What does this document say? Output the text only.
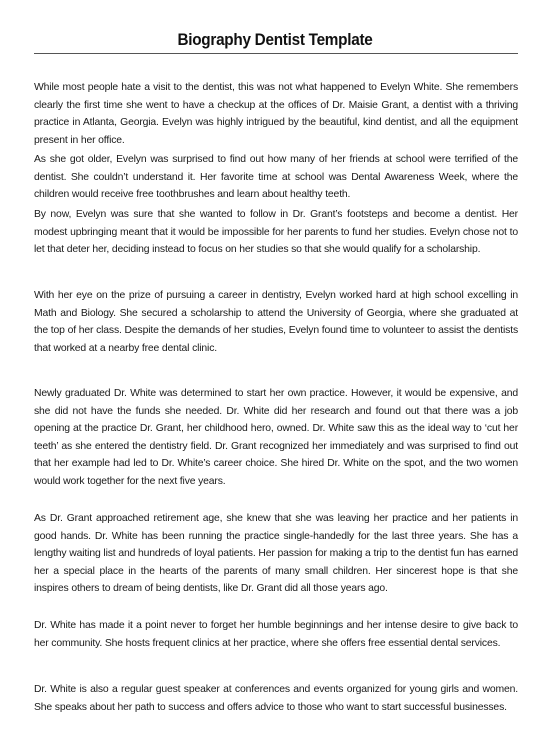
Biography Dentist Template

While most people hate a visit to the dentist, this was not what happened to Evelyn White. She remembers clearly the first time she went to have a checkup at the offices of Dr. Maisie Grant, a dentist with a thriving practice in Atlanta, Georgia. Evelyn was highly intrigued by the beautiful, kind dentist, and all the equipment present in her office.

As she got older, Evelyn was surprised to find out how many of her friends at school were terrified of the dentist. She couldn’t understand it. Her favorite time at school was Dental Awareness Week, where the children would receive free toothbrushes and learn about healthy teeth.

By now, Evelyn was sure that she wanted to follow in Dr. Grant’s footsteps and become a dentist. Her modest upbringing meant that it would be impossible for her parents to fund her studies. Evelyn chose not to let that deter her, deciding instead to focus on her studies so that she would qualify for a scholarship.

With her eye on the prize of pursuing a career in dentistry, Evelyn worked hard at high school excelling in Math and Biology. She secured a scholarship to attend the University of Georgia, where she graduated at the top of her class. Despite the demands of her studies, Evelyn found time to volunteer to assist the dentists that worked at a nearby free dental clinic.

Newly graduated Dr. White was determined to start her own practice. However, it would be expensive, and she did not have the funds she needed. Dr. White did her research and found out that there was a job opening at the practice Dr. Grant, her childhood hero, owned. Dr. White saw this as the ideal way to ‘cut her teeth’ as she entered the dentistry field. Dr. Grant recognized her immediately and was surprised to find out that her example had led to Dr. White’s career choice. She hired Dr. White on the spot, and the two women would work together for the next five years.

As Dr. Grant approached retirement age, she knew that she was leaving her practice and her patients in good hands. Dr. White has been running the practice single-handedly for the last three years. She has a lengthy waiting list and hundreds of loyal patients. Her passion for making a trip to the dentist fun has earned her a special place in the hearts of the parents of many small children. Her sincerest hope is that she inspires others to dream of being dentists, like Dr. Grant did all those years ago.

Dr. White has made it a point never to forget her humble beginnings and her intense desire to give back to her community. She hosts frequent clinics at her practice, where she offers free essential dental services.

Dr. White is also a regular guest speaker at conferences and events organized for young girls and women. She speaks about her path to success and offers advice to those who want to start successful businesses.
